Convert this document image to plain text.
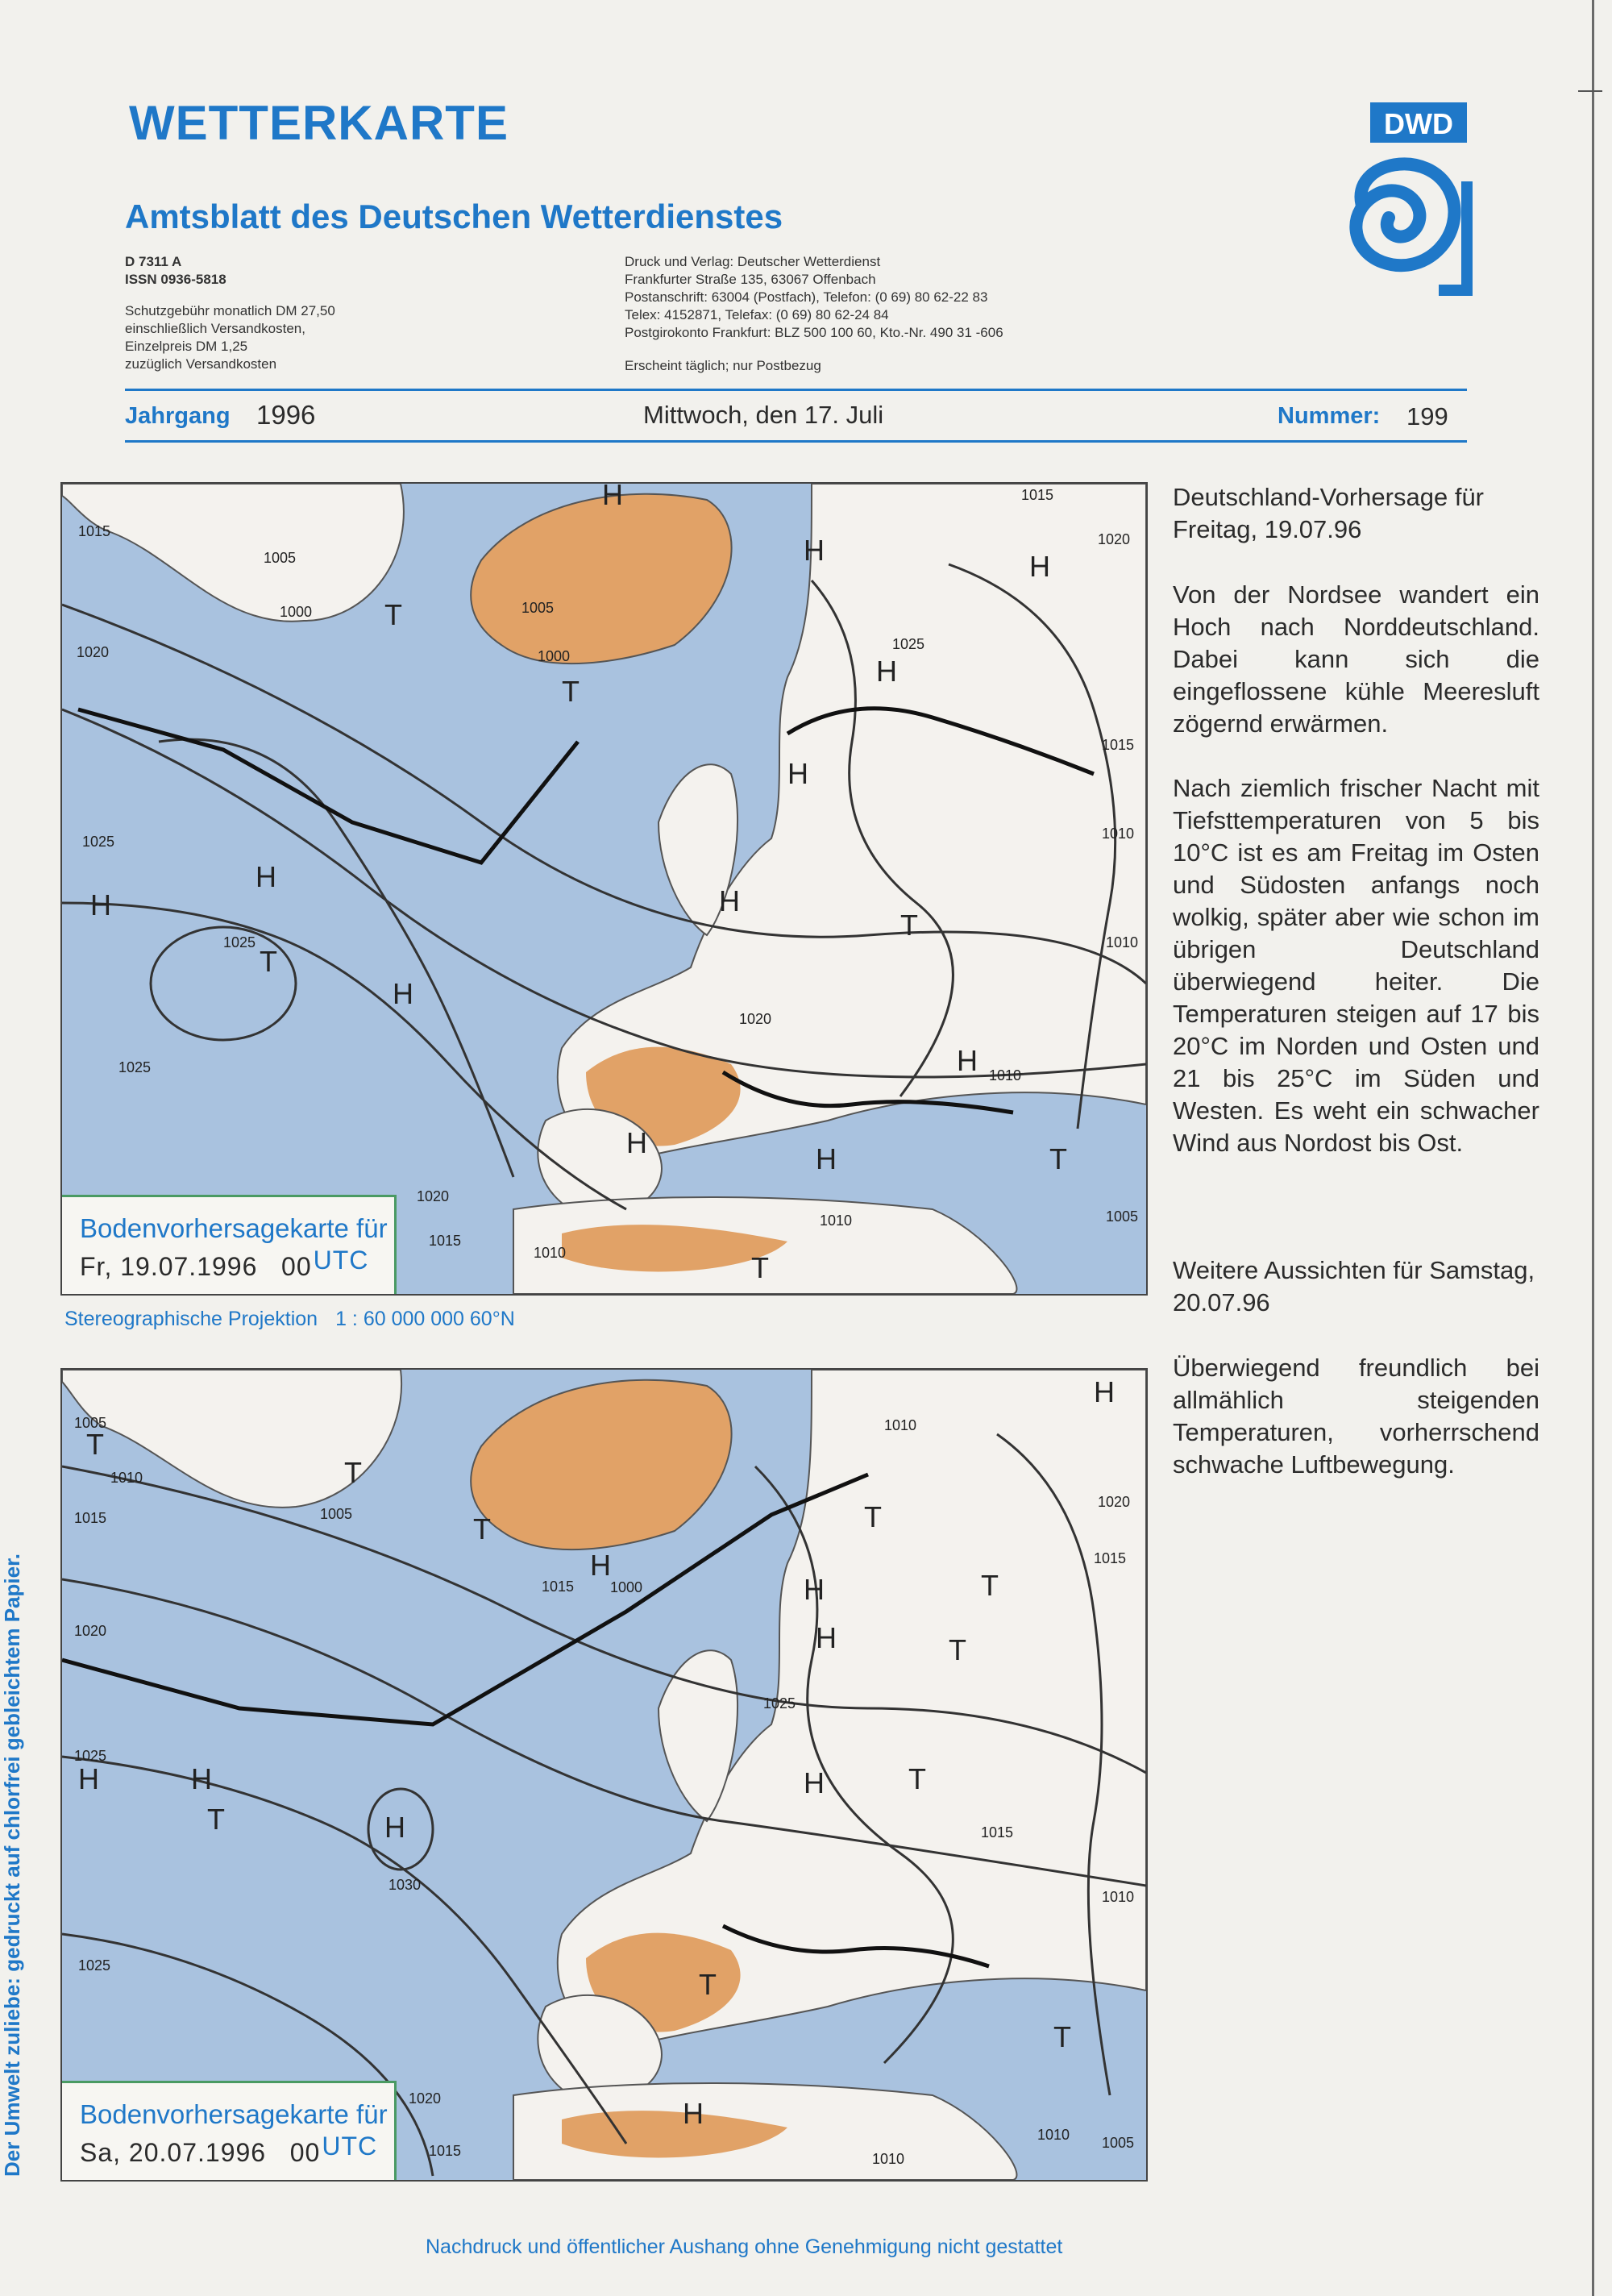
WETTERKARTE
Amtsblatt des Deutschen Wetterdienstes
D 7311 A
ISSN 0936-5818
Schutzgebühr monatlich DM 27,50
einschließlich Versandkosten,
Einzelpreis DM 1,25
zuzüglich Versandkosten
Druck und Verlag: Deutscher Wetterdienst
Frankfurter Straße 135, 63067 Offenbach
Postanschrift: 63004 (Postfach), Telefon: (0 69) 80 62-22 83
Telex: 4152871, Telefax: (0 69) 80 62-24 84
Postgirokonto Frankfurt: BLZ 500 100 60, Kto.-Nr. 490 31 -606
Erscheint täglich; nur Postbezug
DWD
Jahrgang 1996	Mittwoch, den 17. Juli	Nummer: 199
H
T
H
H
T
H
H
H
T
H
H
H
T
H
H	T
T
H
1015
1005
1000
1020
1025
1025
1025
1020
1015
1010
1005
1000
1015
1020
1025
1010
1010
1015
1020
1005
1010
1010
Bodenvorhersagekarte für
Fr, 19.07.1996 00UTC
Stereographische Projektion 1 : 60 000 000 60°N
T
H	H
T
T
T
H
H
T
H
H	T
T
H
T
T
T
H
H
1005
1010
1005
1015
1020
1025
1025
1000
1010
1015
1020
1030
1015
1020
1025
1015
1010
1010
1015
1010 1005
Bodenvorhersagekarte für
Sa, 20.07.1996 00UTC
Deutschland-Vorhersage für Freitag, 19.07.96
Von der Nordsee wandert ein Hoch nach Norddeutschland. Dabei kann sich die eingeflossene kühle Meeresluft zögernd erwärmen.
Nach ziemlich frischer Nacht mit Tiefsttemperaturen von 5 bis 10°C ist es am Freitag im Osten und Südosten anfangs noch wolkig, später aber wie schon im übrigen Deutschland überwiegend heiter. Die Temperaturen steigen auf 17 bis 20°C im Norden und Osten und 21 bis 25°C im Süden und Westen. Es weht ein schwacher Wind aus Nordost bis Ost.
Weitere Aussichten für Samstag, 20.07.96
Überwiegend freundlich bei allmählich steigenden Temperaturen, vorherrschend schwache Luftbewegung.
Der Umwelt zuliebe: gedruckt auf chlorfrei gebleichtem Papier.
Nachdruck und öffentlicher Aushang ohne Genehmigung nicht gestattet
